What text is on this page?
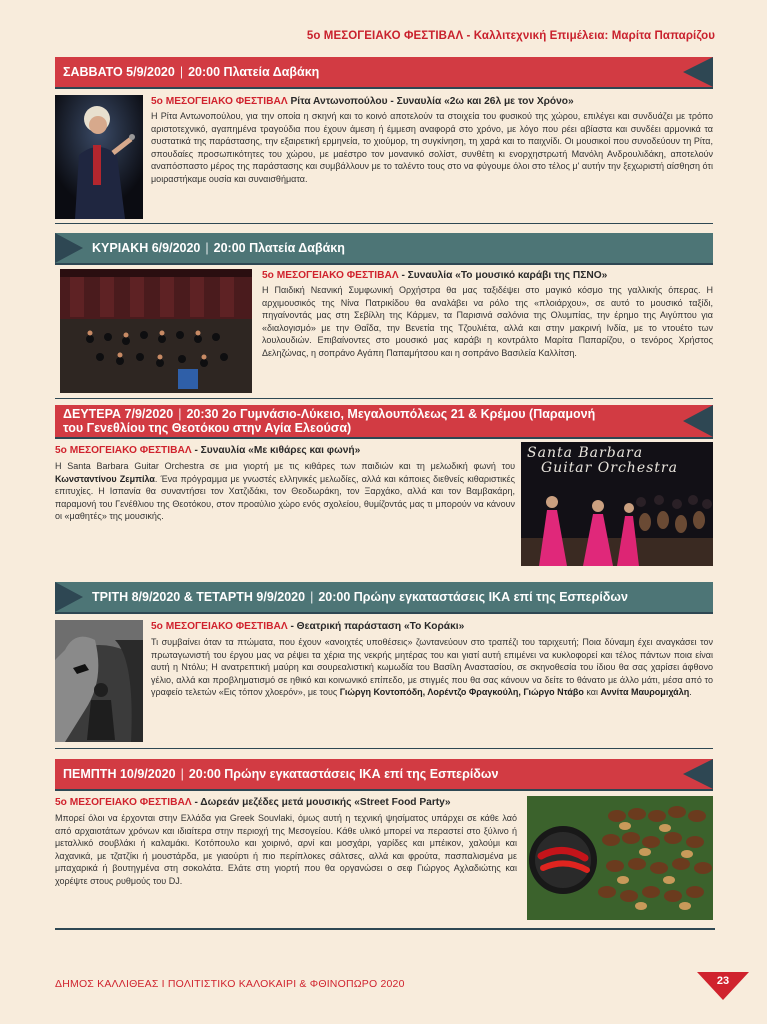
5ο ΜΕΣΟΓΕΙΑΚΟ ΦΕΣΤΙΒΑΛ - Καλλιτεχνική Επιμέλεια: Μαρίτα Παπαρίζου
ΣΑΒΒΑΤΟ 5/9/2020 | 20:00 Πλατεία Δαβάκη
5ο ΜΕΣΟΓΕΙΑΚΟ ΦΕΣΤΙΒΑΛ Ρίτα Αντωνοπούλου - Συναυλία «2ω και 26λ με τον Χρόνο»

Η Ρίτα Αντωνοπούλου, για την οποία η σκηνή και το κοινό αποτελούν τα στοιχεία του φυσικού της χώρου, επιλέγει και συνδυάζει με τρόπο αριστοτεχνικό, αγαπημένα τραγούδια που έχουν άμεση ή έμμεση αναφορά στο χρόνο, με λόγο που ρέει αβίαστα και συνδέει αρμονικά τα συστατικά της παράστασης, την εξαιρετική ερμηνεία, το χιούμορ, τη συγκίνηση, τη χαρά και το παιχνίδι. Οι μουσικοί που συνοδεύουν τη Ρίτα, σπουδαίες προσωπικότητες του χώρου, με μαέστρο τον μονανικό σολίστ, συνθέτη κι ενορχηστρωτή Μανόλη Ανδρουλιδάκη, αποτελούν αναπόσπαστο μέρος της παράστασης και συμβάλλουν με το ταλέντο τους στο να φύγουμε όλοι στο τέλος μ' αυτήν την ξεχωριστή αίσθηση ότι μοιραστήκαμε ουσία και συναισθήματα.

ΚΥΡΙΑΚΗ 6/9/2020 | 20:00 Πλατεία Δαβάκη
5ο ΜΕΣΟΓΕΙΑΚΟ ΦΕΣΤΙΒΑΛ - Συναυλία «Το μουσικό καράβι της ΠΣΝΟ»

Η Παιδική Νεανική Συμφωνική Ορχήστρα θα μας ταξιδέψει στο μαγικό κόσμο της γαλλικής όπερας. Η αρχιμουσικός της Νίνα Πατρικίδου θα αναλάβει να ρόλο της «πλοιάρχου», σε αυτό το μουσικό ταξίδι, πηγαίνοντάς μας στη Σεβίλλη της Κάρμεν, τα Παρισινά σαλόνια της Ολυμπίας, την έρημο της Αιγύπτου για «διαλογισμό» με την Θαΐδα, την Βενετία της Τζουλιέτα, αλλά και στην μακρινή Ινδία, με το ντουέτο των λουλουδιών. Επιβαίνοντες στο μουσικό μας καράβι η κοντράλτο Μαρίτα Παπαρίζου, ο τενόρος Χρήστος Δεληζώνας, η σοπράνο Αγάπη Παπαμήτσου και η σοπράνο Βασιλεία Καλλίτση.

ΔΕΥΤΕΡΑ 7/9/2020 | 20:30 2ο Γυμνάσιο-Λύκειο, Μεγαλουπόλεως 21 & Κρέμου (Παραμονή
του Γενεθλίου της Θεοτόκου στην Αγία Ελεούσα)
5ο ΜΕΣΟΓΕΙΑΚΟ ΦΕΣΤΙΒΑΛ - Συναυλία «Με κιθάρες και φωνή»

Η Santa Barbara Guitar Orchestra σε μια γιορτή με τις κιθάρες των παιδιών και τη μελωδική φωνή του Κωνσταντίνου Ζεμπίλα. Ένα πρόγραμμα με γνωστές ελληνικές μελωδίες, αλλά και κάποιες διεθνείς κιθαριστικές επιτυχίες. Η Ισπανία θα συναντήσει τον Χατζιδάκι, τον Θεοδωράκη, τον Ξαρχάκο, αλλά και τον Βαμβακάρη, παραμονή του Γενέθλιου της Θεοτόκου, στον προαύλιο χώρο ενός σχολείου, θυμίζοντάς μας τι μπορούν να κάνουν οι «μαθητές» της μουσικής.

Santa Barbara
Guitar Orchestra
ΤΡΙΤΗ 8/9/2020 & ΤΕΤΑΡΤΗ 9/9/2020 | 20:00 Πρώην εγκαταστάσεις ΙΚΑ επί της Εσπερίδων
5ο ΜΕΣΟΓΕΙΑΚΟ ΦΕΣΤΙΒΑΛ - Θεατρική παράσταση «Το Κοράκι»

Τι συμβαίνει όταν τα πτώματα, που έχουν «ανοιχτές υποθέσεις» ζωντανεύουν στο τραπέζι του ταριχευτή; Ποια δύναμη έχει αναγκάσει τον πρωταγωνιστή του έργου μας να ρέψει τα χέρια της νεκρής μητέρας του και γιατί αυτή επιμένει να κυκλοφορεί και τέλος πάντων ποια είναι αυτή η Ντόλυ; Η ανατρεπτική μαύρη και σουρεαλιστική κωμωδία του Βασίλη Αναστασίου, σε σκηνοθεσία του ίδιου θα σας χαρίσει άφθονο γέλιο, αλλά και προβληματισμό σε ηθικό και κοινωνικό επίπεδο, με στιγμές που θα σας κάνουν να δείτε το θάνατο με άλλο μάτι, μέσα από το γραφείο τελετών «Εις τόπον χλοερόν», με τους Γιώργη Κοντοπόδη, Λορέντζο Φραγκούλη, Γιώργο Ντάβο και Αννίτα Μαυρομιχάλη.

ΠΕΜΠΤΗ 10/9/2020 | 20:00 Πρώην εγκαταστάσεις ΙΚΑ επί της Εσπερίδων
5ο ΜΕΣΟΓΕΙΑΚΟ ΦΕΣΤΙΒΑΛ - Δωρεάν μεζέδες μετά μουσικής «Street Food Party»

Μπορεί όλοι να έρχονται στην Ελλάδα για Greek Souvlaki, όμως αυτή η τεχνική ψησίματος υπάρχει σε κάθε λαό από αρχαιοτάτων χρόνων και ιδιαίτερα στην περιοχή της Μεσογείου. Κάθε υλικό μπορεί να περαστεί στο ξύλινο ή μεταλλικό σουβλάκι ή καλαμάκι. Κοτόπουλο και χοιρινό, αρνί και μοσχάρι, γαρίδες και μπέικον, χαλούμι και λαχανικά, με τζατζίκι ή μουστάρδα, με γιαούρτι ή πιο περίπλοκες σάλτσες, αλλά και φρούτα, πασπαλισμένα με μπαχαρικά ή βουτηγμένα στη σοκολάτα. Ελάτε στη γιορτή που θα οργανώσει ο σεφ Γιώργος Αχλαδιώτης και χορέψτε στους ρυθμούς του DJ.

ΔΗΜΟΣ ΚΑΛΛΙΘΕΑΣ Ι ΠΟΛΙΤΙΣΤΙΚΟ ΚΑΛΟΚΑΙΡΙ & ΦΘΙΝΟΠΩΡΟ 2020	23
